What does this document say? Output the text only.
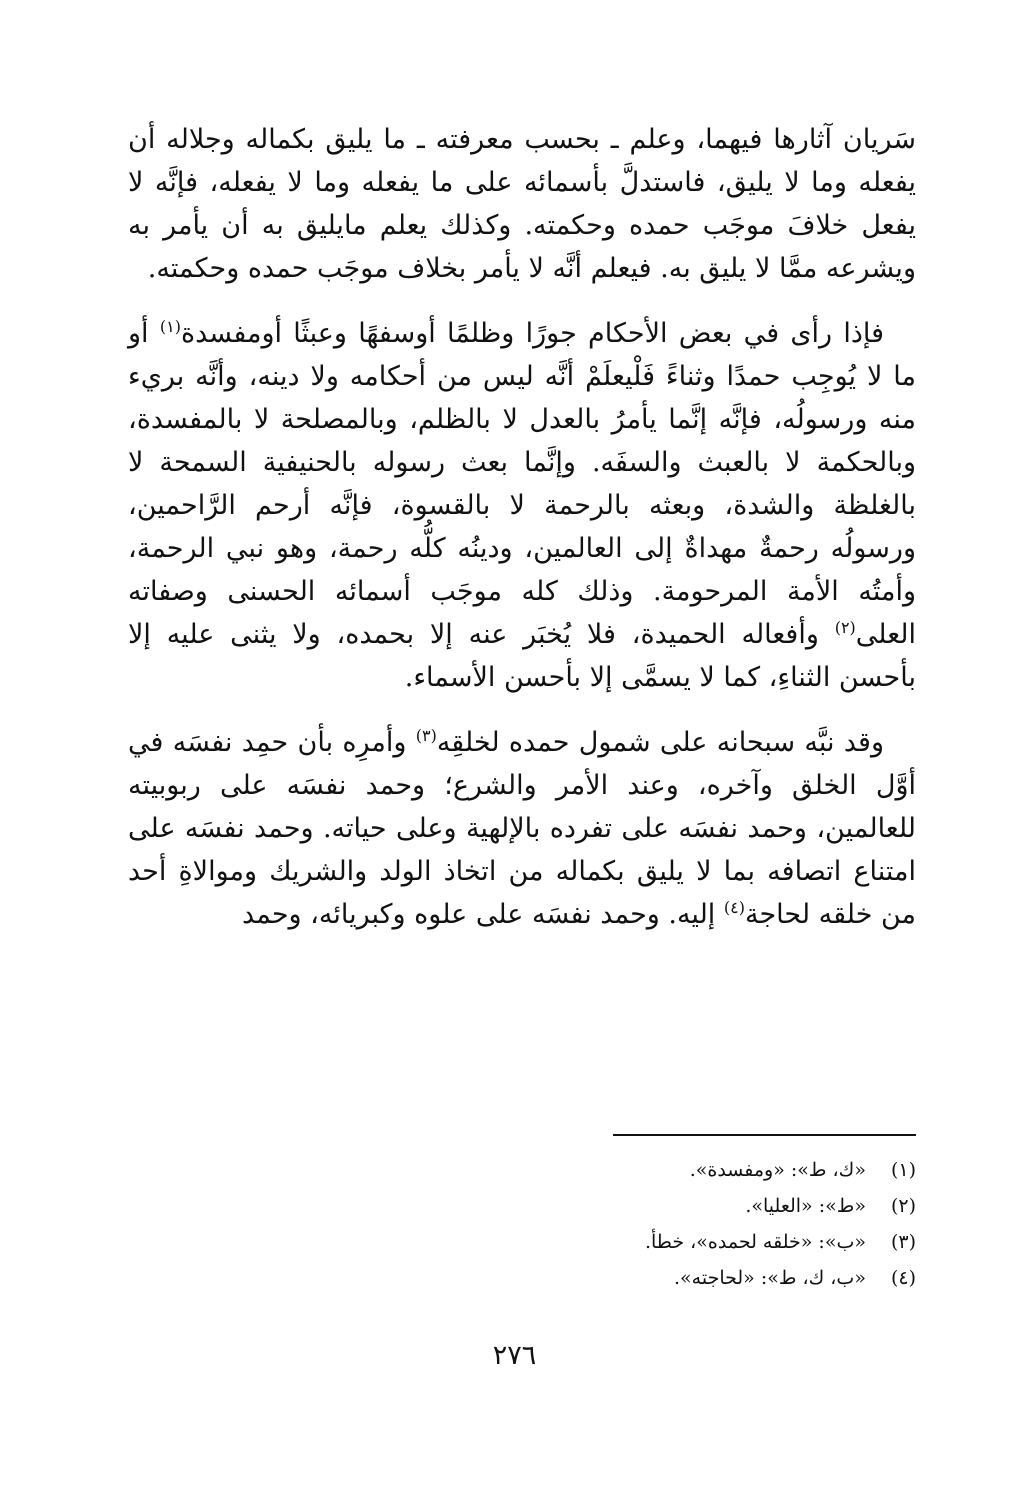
سَريان آثارها فيهما، وعلم ـ بحسب معرفته ـ ما يليق بكماله وجلاله أن يفعله وما لا يليق، فاستدلَّ بأسمائه على ما يفعله وما لا يفعله، فإنَّه لا يفعل خلافَ موجَب حمده وحكمته. وكذلك يعلم مايليق به أن يأمر به ويشرعه ممَّا لا يليق به. فيعلم أنَّه لا يأمر بخلاف موجَب حمده وحكمته.

فإذا رأى في بعض الأحكام جورًا وظلمًا أوسفهًا وعبثًا أومفسدة$^{(١)}$ أو ما لا يُوجِب حمدًا وثناءً فَلْيعلَمْ أنَّه ليس من أحكامه ولا دينه، وأنَّه بريء منه ورسولُه، فإنَّه إنَّما يأمرُ بالعدل لا بالظلم، وبالمصلحة لا بالمفسدة، وبالحكمة لا بالعبث والسفَه. وإنَّما بعث رسوله بالحنيفية السمحة لا بالغلظة والشدة، وبعثه بالرحمة لا بالقسوة، فإنَّه أرحم الرَّاحمين، ورسولُه رحمةٌ مهداةٌ إلى العالمين، ودينُه كلُّه رحمة، وهو نبي الرحمة، وأمتُه الأمة المرحومة. وذلك كله موجَب أسمائه الحسنى وصفاته العلى$^{(٢)}$ وأفعاله الحميدة، فلا يُخبَر عنه إلا بحمده، ولا يثنى عليه إلا بأحسن الثناءِ، كما لا يسمَّى إلا بأحسن الأسماء.

وقد نبَّه سبحانه على شمول حمده لخلقِه$^{(٣)}$ وأمرِه بأن حمِد نفسَه في أوَّل الخلق وآخره، وعند الأمر والشرع؛ وحمد نفسَه على ربوبيته للعالمين، وحمد نفسَه على تفرده بالإلهية وعلى حياته. وحمد نفسَه على امتناع اتصافه بما لا يليق بكماله من اتخاذ الولد والشريك وموالاةِ أحد من خلقه لحاجة$^{(٤)}$ إليه. وحمد نفسَه على علوه وكبريائه، وحمد

(١) «ك، ط»: «ومفسدة».
(٢) «ط»: «العليا».
(٣) «ب»: «خلقه لحمده»، خطأ.
(٤) «ب، ك، ط»: «لحاجته».
٢٧٦
